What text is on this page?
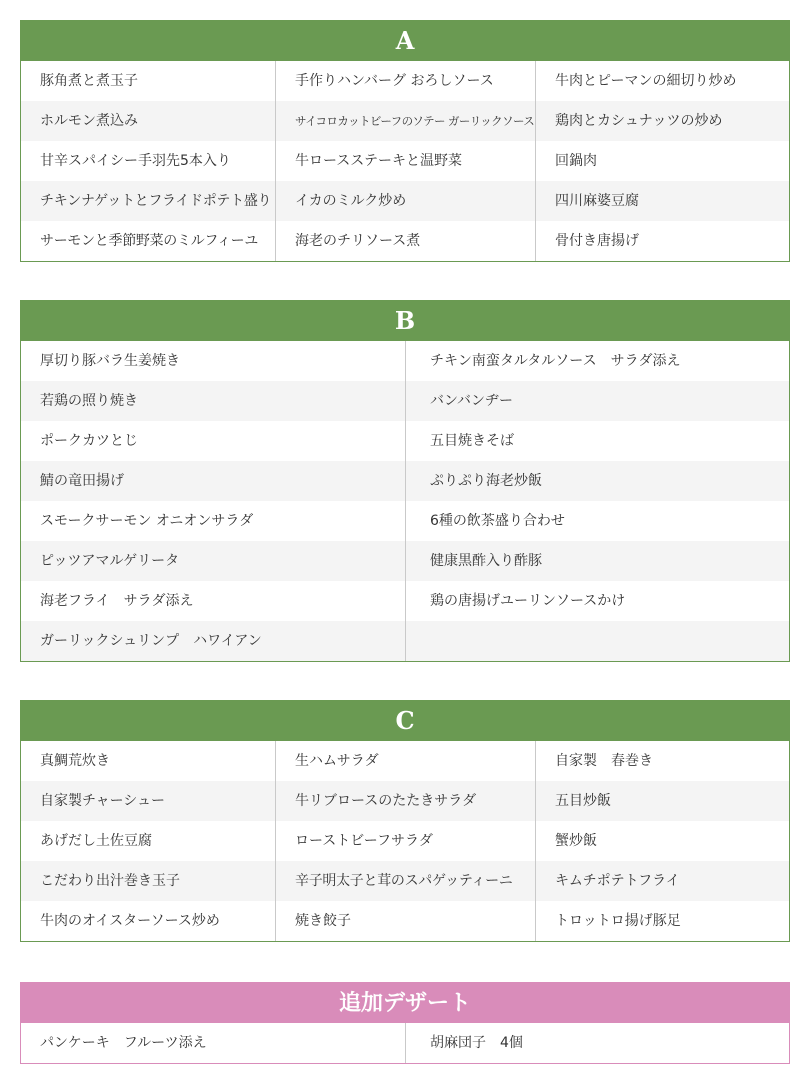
A
豚角煮と煮玉子	手作りハンバーグ おろしソース	牛肉とピーマンの細切り炒め
ホルモン煮込み	サイコロカットビーフのソテー ガーリックソース	鶏肉とカシュナッツの炒め
甘辛スパイシー手羽先5本入り	牛ロースステーキと温野菜	回鍋肉
チキンナゲットとフライドポテト盛り	イカのミルク炒め	四川麻婆豆腐
サーモンと季節野菜のミルフィーユ	海老のチリソース煮	骨付き唐揚げ
B
厚切り豚バラ生姜焼き	チキン南蛮タルタルソース　サラダ添え
若鶏の照り焼き	バンバンヂー
ポークカツとじ	五目焼きそば
鯖の竜田揚げ	ぷりぷり海老炒飯
スモークサーモン オニオンサラダ	6種の飲茶盛り合わせ
ピッツアマルゲリータ	健康黒酢入り酢豚
海老フライ　サラダ添え	鶏の唐揚げユーリンソースかけ
ガーリックシュリンプ　ハワイアン
C
真鯛荒炊き	生ハムサラダ	自家製　春巻き
自家製チャーシュー	牛リブロースのたたきサラダ	五目炒飯
あげだし土佐豆腐	ローストビーフサラダ	蟹炒飯
こだわり出汁巻き玉子	辛子明太子と茸のスパゲッティーニ	キムチポテトフライ
牛肉のオイスターソース炒め	焼き餃子	トロットロ揚げ豚足
追加デザート
パンケーキ　フルーツ添え	胡麻団子　4個
